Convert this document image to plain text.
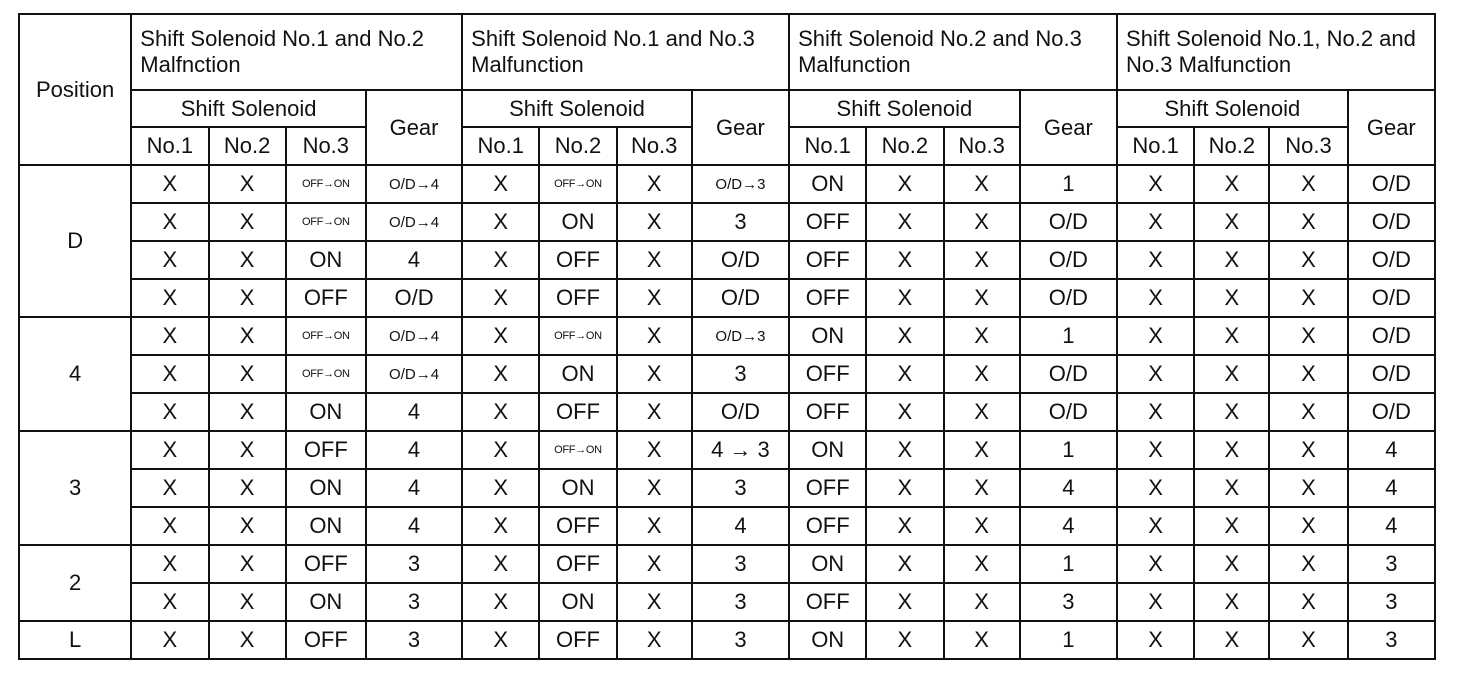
Position	Shift Solenoid No.1 and No.2 Malfnction				Shift Solenoid No.1 and No.3 Malfunction				Shift Solenoid No.2 and No.3 Malfunction				Shift Solenoid No.1, No.2 and No.3 Malfunction			
	Shift Solenoid			Gear	Shift Solenoid			Gear	Shift Solenoid			Gear	Shift Solenoid			Gear
	No.1	No.2	No.3		No.1	No.2	No.3		No.1	No.2	No.3		No.1	No.2	No.3	
D	X	X	OFF→ON	O/D→4	X	OFF→ON	X	O/D→3	ON	X	X	1	X	X	X	O/D
	X	X	OFF→ON	O/D→4	X	ON	X	3	OFF	X	X	O/D	X	X	X	O/D
	X	X	ON	4	X	OFF	X	O/D	OFF	X	X	O/D	X	X	X	O/D
	X	X	OFF	O/D	X	OFF	X	O/D	OFF	X	X	O/D	X	X	X	O/D
4	X	X	OFF→ON	O/D→4	X	OFF→ON	X	O/D→3	ON	X	X	1	X	X	X	O/D
	X	X	OFF→ON	O/D→4	X	ON	X	3	OFF	X	X	O/D	X	X	X	O/D
	X	X	ON	4	X	OFF	X	O/D	OFF	X	X	O/D	X	X	X	O/D
3	X	X	OFF	4	X	OFF→ON	X	4 → 3	ON	X	X	1	X	X	X	4
	X	X	ON	4	X	ON	X	3	OFF	X	X	4	X	X	X	4
	X	X	ON	4	X	OFF	X	4	OFF	X	X	4	X	X	X	4
2	X	X	OFF	3	X	OFF	X	3	ON	X	X	1	X	X	X	3
	X	X	ON	3	X	ON	X	3	OFF	X	X	3	X	X	X	3
L	X	X	OFF	3	X	OFF	X	3	ON	X	X	1	X	X	X	3
